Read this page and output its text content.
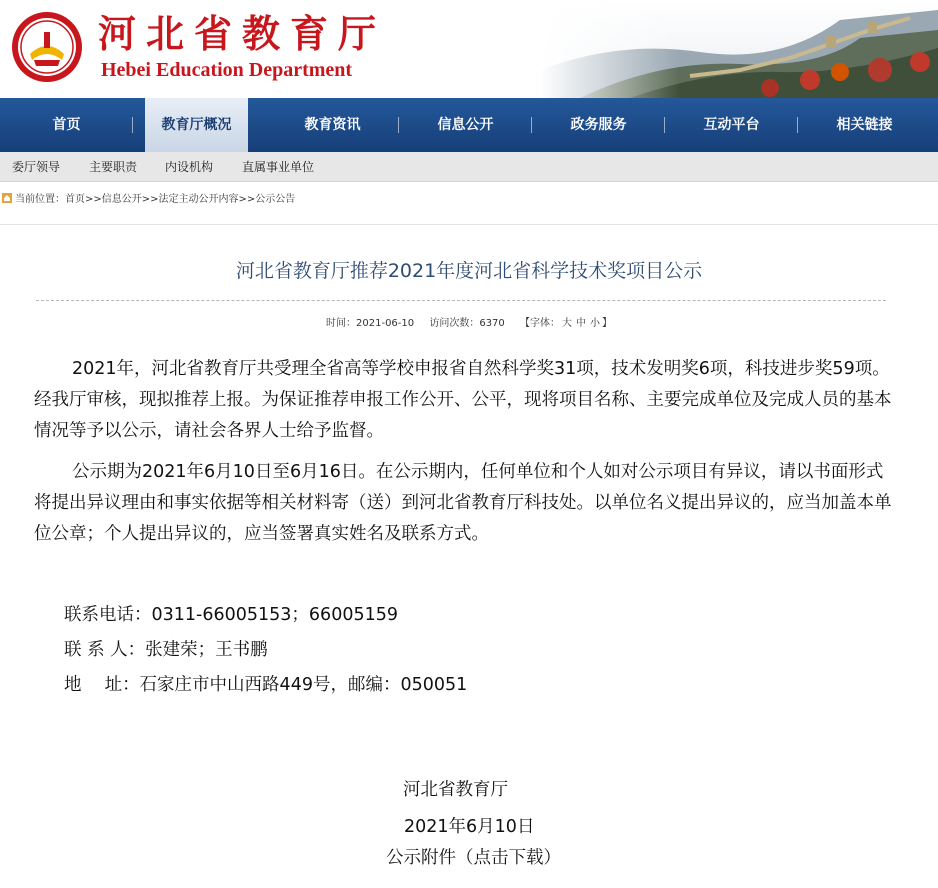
河北省教育厅
Hebei Education Department
首页	教育厅概况	教育资讯	信息公开	政务服务	互动平台	相关链接
委厅领导 主要职责 内设机构 直属事业单位
当前位置：首页>>信息公开>>法定主动公开内容>>公示公告
河北省教育厅推荐2021年度河北省科学技术奖项目公示
时间：2021-06-10 访问次数：6370 【字体： 大 中 小 】
2021年，河北省教育厅共受理全省高等学校申报省自然科学奖31项，技术发明奖6项，科技进步奖59项。经我厅审核，现拟推荐上报。为保证推荐申报工作公开、公平，现将项目名称、主要完成单位及完成人员的基本情况等予以公示，请社会各界人士给予监督。
公示期为2021年6月10日至6月16日。在公示期内，任何单位和个人如对公示项目有异议，请以书面形式将提出异议理由和事实依据等相关材料寄（送）到河北省教育厅科技处。以单位名义提出异议的，应当加盖本单位公章；个人提出异议的，应当签署真实姓名及联系方式。
联系电话：0311-66005153；66005159
联 系 人：张建荣；王书鹏
地　 址：石家庄市中山西路449号，邮编：050051
河北省教育厅
2021年6月10日
公示附件（点击下载）
